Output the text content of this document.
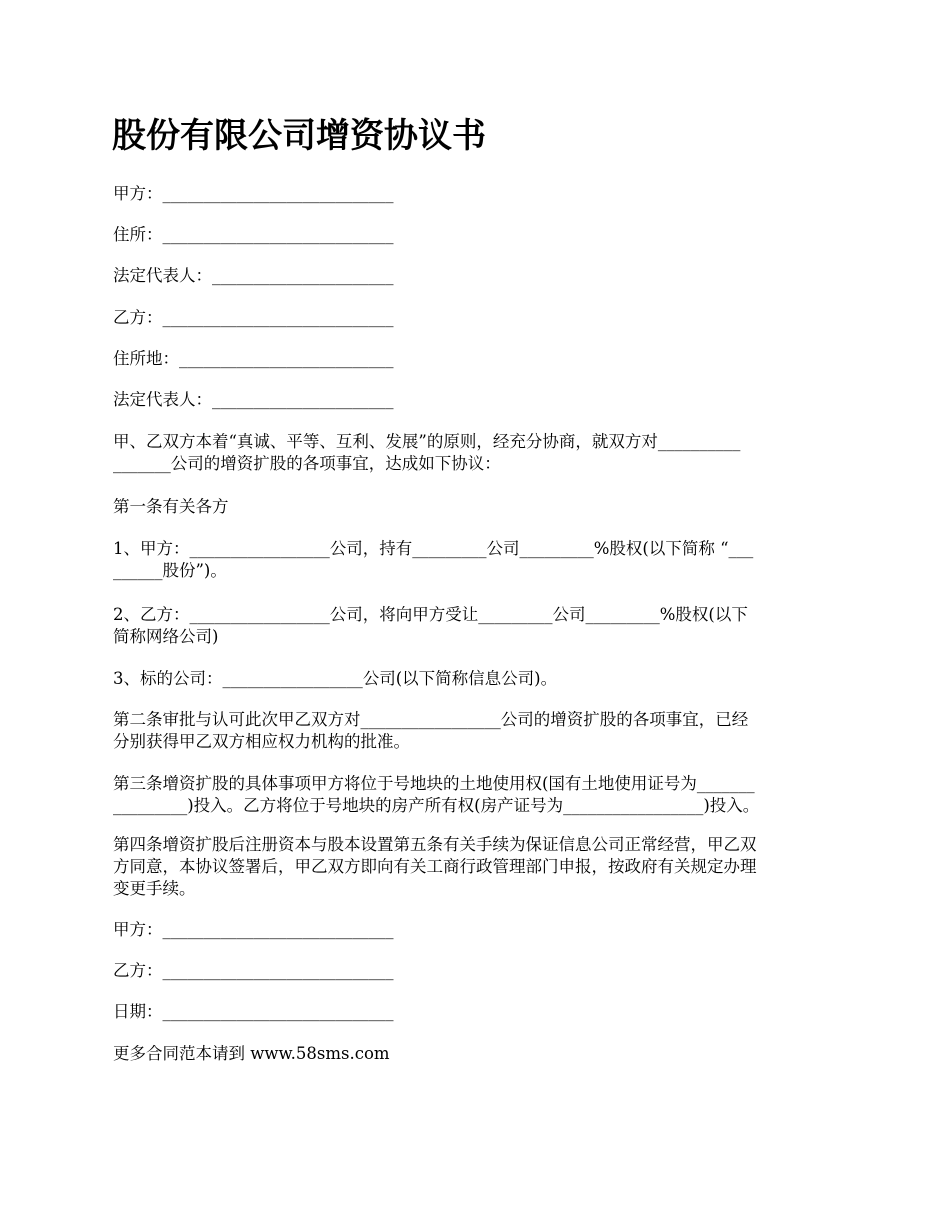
股份有限公司增资协议书

甲方：____________________________

住所：____________________________

法定代表人：______________________

乙方：____________________________

住所地：__________________________

法定代表人：______________________

甲、乙双方本着“真诚、平等、互利、发展”的原则，经充分协商，就双方对__________
_______公司的增资扩股的各项事宜，达成如下协议：

第一条有关各方

1、甲方：_________________公司，持有_________公司_________%股权(以下简称 “___
______股份”)。

2、乙方：_________________公司，将向甲方受让_________公司_________%股权(以下
简称网络公司)

3、标的公司：_________________公司(以下简称信息公司)。

第二条审批与认可此次甲乙双方对_________________公司的增资扩股的各项事宜，已经
分别获得甲乙双方相应权力机构的批准。

第三条增资扩股的具体事项甲方将位于号地块的土地使用权(国有土地使用证号为_______
_________)投入。乙方将位于号地块的房产所有权(房产证号为_________________)投入。

第四条增资扩股后注册资本与股本设置第五条有关手续为保证信息公司正常经营，甲乙双
方同意，本协议签署后，甲乙双方即向有关工商行政管理部门申报，按政府有关规定办理
变更手续。

甲方：____________________________

乙方：____________________________

日期：____________________________

更多合同范本请到 www.58sms.com
